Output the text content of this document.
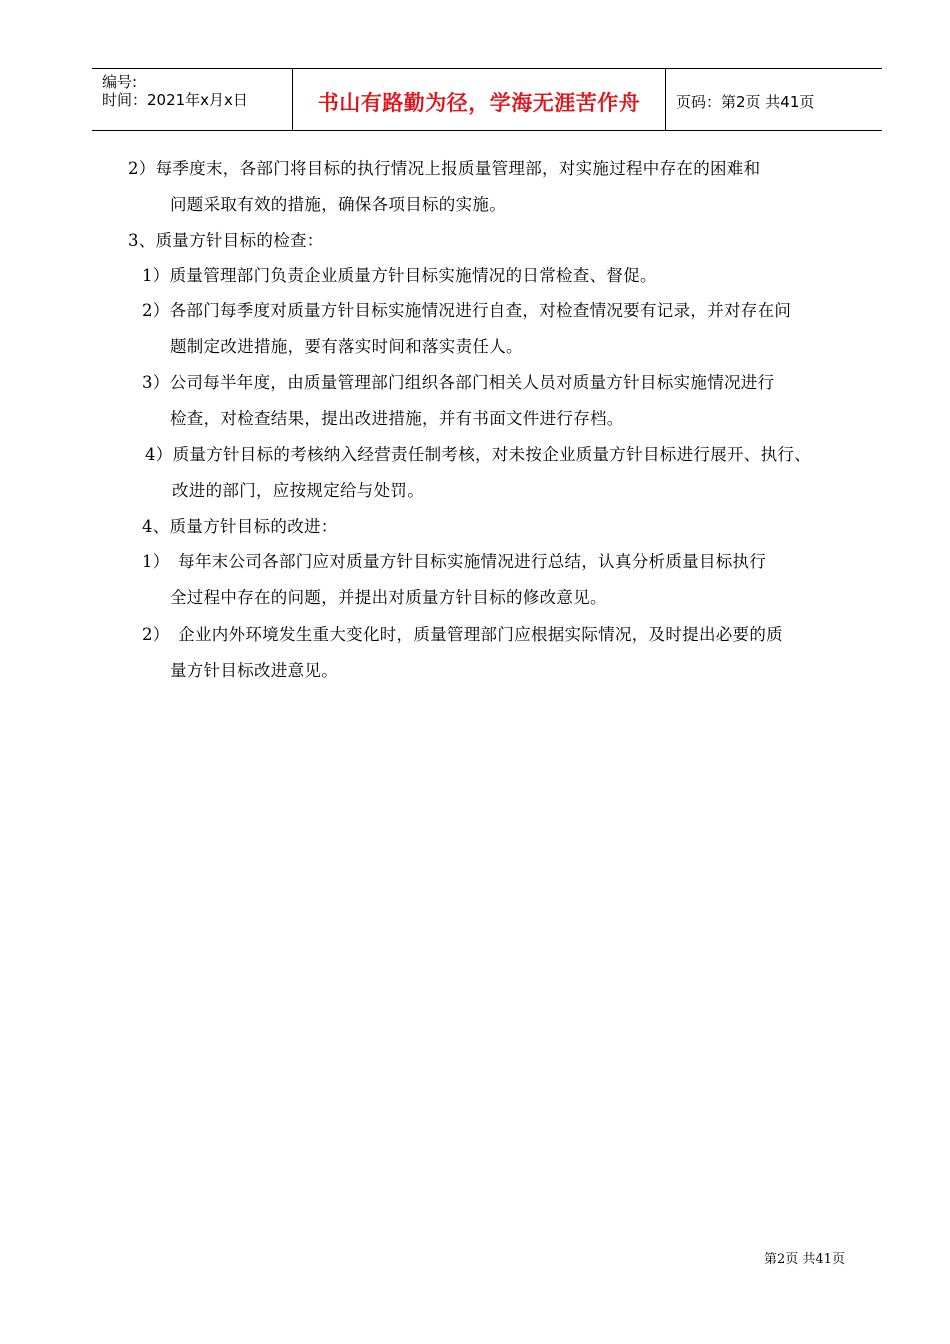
编号:
时间：2021年x月x日	书山有路勤为径，学海无涯苦作舟	页码：第2页 共41页
2）每季度末，各部门将目标的执行情况上报质量管理部，对实施过程中存在的困难和
问题采取有效的措施，确保各项目标的实施。
3、质量方针目标的检查：
1）质量管理部门负责企业质量方针目标实施情况的日常检查、督促。
2）各部门每季度对质量方针目标实施情况进行自查，对检查情况要有记录，并对存在问
题制定改进措施，要有落实时间和落实责任人。
3）公司每半年度，由质量管理部门组织各部门相关人员对质量方针目标实施情况进行
检查，对检查结果，提出改进措施，并有书面文件进行存档。
4）质量方针目标的考核纳入经营责任制考核，对未按企业质量方针目标进行展开、执行、
改进的部门，应按规定给与处罚。
4、质量方针目标的改进：
1）　每年末公司各部门应对质量方针目标实施情况进行总结，认真分析质量目标执行
全过程中存在的问题，并提出对质量方针目标的修改意见。
2）　企业内外环境发生重大变化时，质量管理部门应根据实际情况，及时提出必要的质
量方针目标改进意见。
第2页 共41页
